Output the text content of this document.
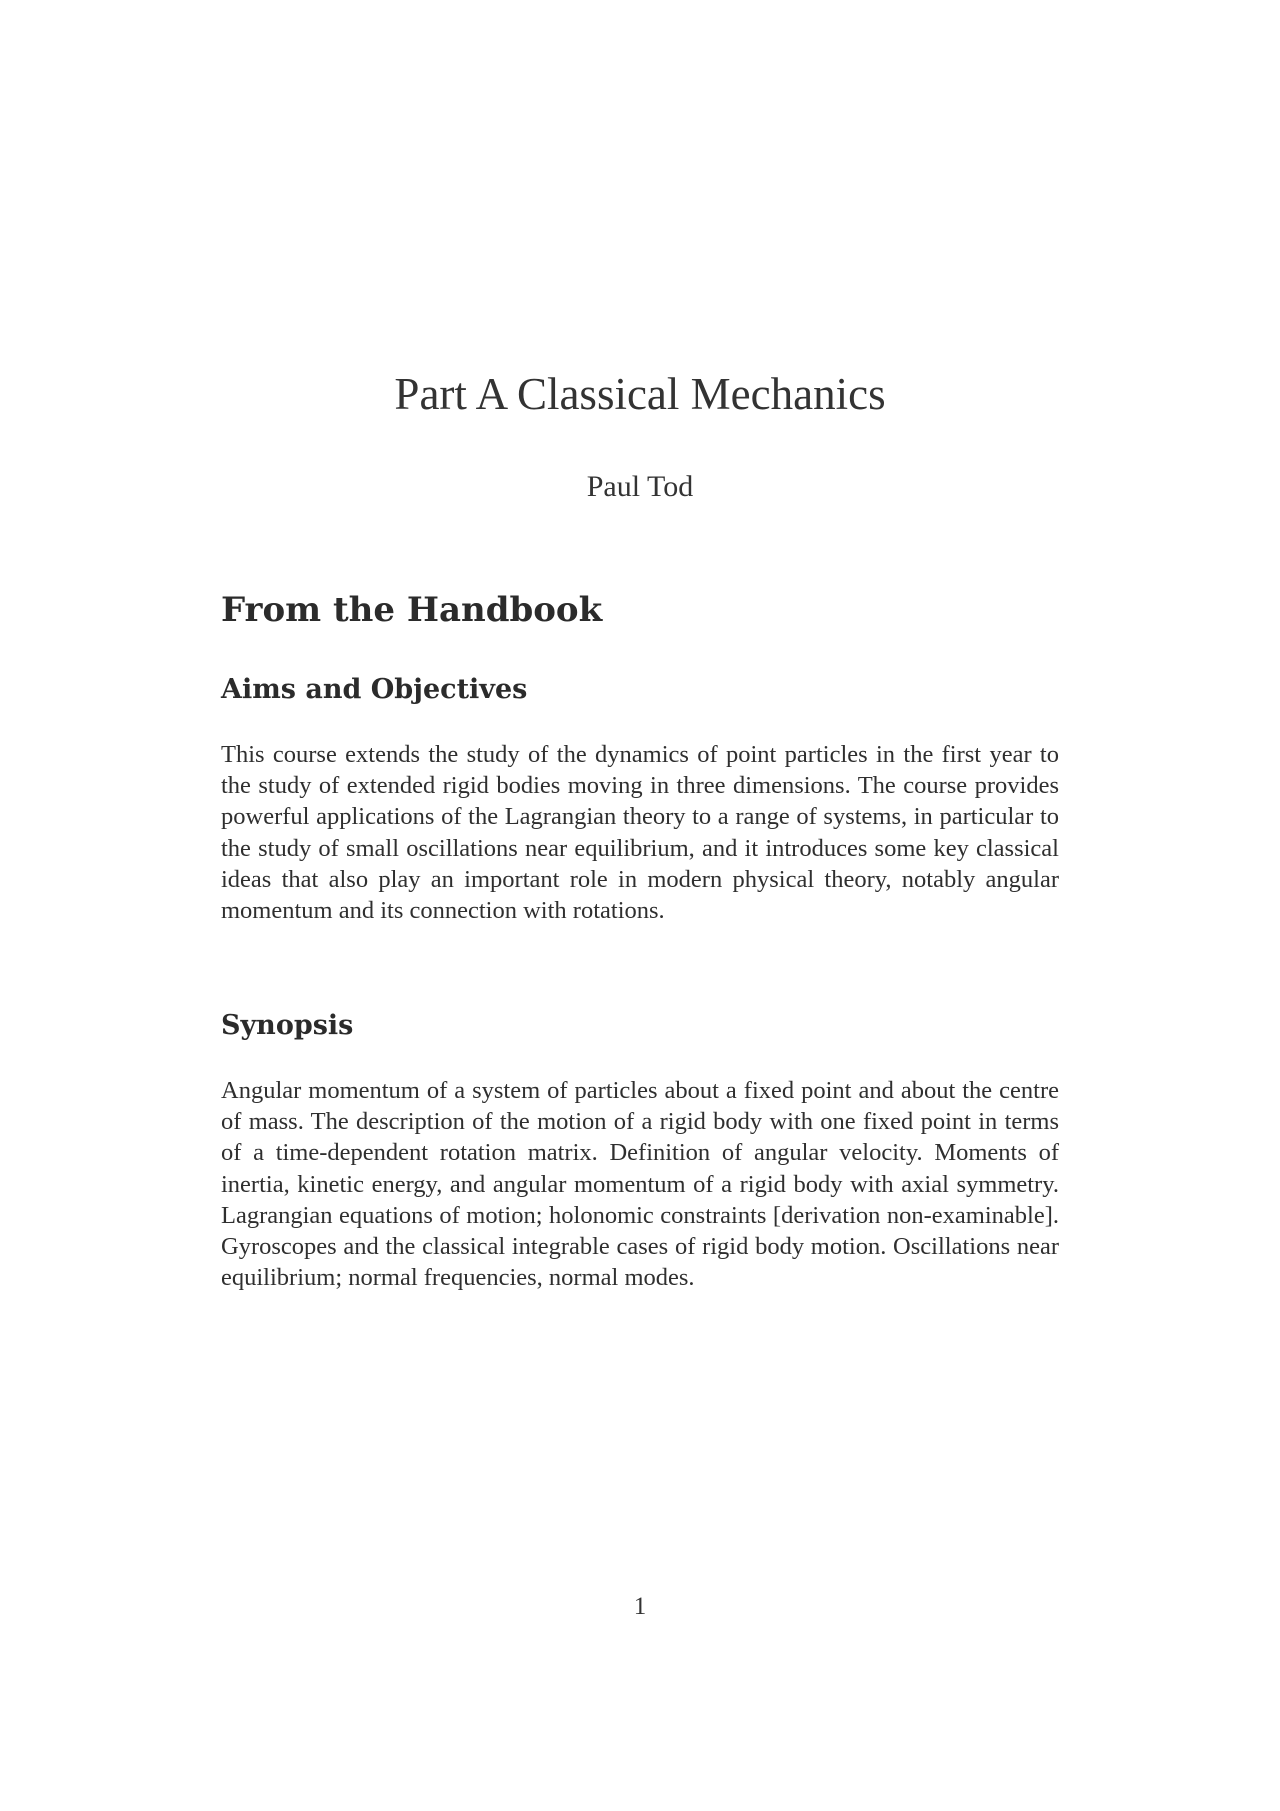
Part A Classical Mechanics
Paul Tod
From the Handbook
Aims and Objectives

This course extends the study of the dynamics of point particles in the first year to the study of extended rigid bodies moving in three dimensions. The course provides powerful applications of the Lagrangian theory to a range of systems, in particular to the study of small oscillations near equilibrium, and it introduces some key classical ideas that also play an important role in modern physical theory, notably angular momentum and its connection with rotations.

Synopsis

Angular momentum of a system of particles about a fixed point and about the centre of mass. The description of the motion of a rigid body with one fixed point in terms of a time-dependent rotation matrix. Definition of angular velocity. Moments of inertia, kinetic energy, and angular momentum of a rigid body with axial symmetry. Lagrangian equations of motion; holonomic constraints [derivation non-examinable]. Gyroscopes and the classical integrable cases of rigid body motion. Oscillations near equilibrium; normal frequencies, normal modes.

1
